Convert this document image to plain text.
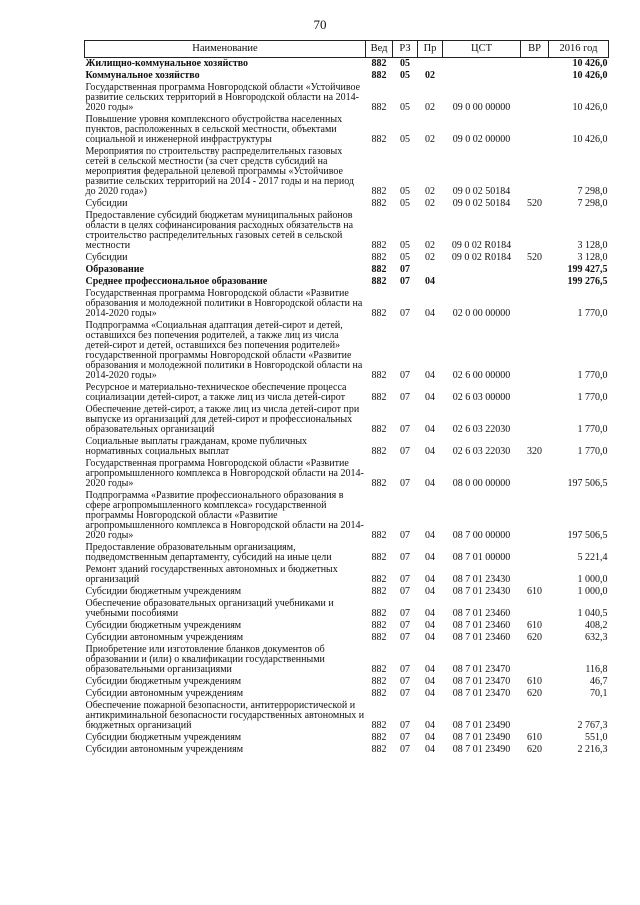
70
Наименование	Вед	РЗ	Пр	ЦСТ	ВР	2016 год
Жилищно-коммунальное хозяйство	882	05				10 426,0
Коммунальное хозяйство	882	05	02			10 426,0
Государственная программа Новгородской области «Устойчивое развитие сельских территорий в Новгородской области на 2014-2020 годы»	882	05	02	09 0 00 00000		10 426,0
Повышение уровня комплексного обустройства населенных пунктов, расположенных в сельской местности, объектами социальной и инженерной инфраструктуры	882	05	02	09 0 02 00000		10 426,0
Мероприятия по строительству распределительных газовых сетей в сельской местности (за счет средств субсидий на мероприятия федеральной целевой программы «Устойчивое развитие сельских территорий на 2014 - 2017 годы и на период до 2020 года»)	882	05	02	09 0 02 50184		7 298,0
Субсидии	882	05	02	09 0 02 50184	520	7 298,0
Предоставление субсидий бюджетам муниципальных районов области в целях софинансирования расходных обязательств на строительство распределительных газовых сетей в сельской местности	882	05	02	09 0 02 R0184		3 128,0
Субсидии	882	05	02	09 0 02 R0184	520	3 128,0
Образование	882	07				199 427,5
Среднее профессиональное образование	882	07	04			199 276,5
Государственная программа Новгородской области «Развитие образования и молодежной политики в Новгородской области на 2014-2020 годы»	882	07	04	02 0 00 00000		1 770,0
Подпрограмма «Социальная адаптация детей-сирот и детей, оставшихся без попечения родителей, а также лиц из числа детей-сирот и детей, оставшихся без попечения родителей» государственной программы Новгородской области «Развитие образования и молодежной политики в Новгородской области на 2014-2020 годы»	882	07	04	02 6 00 00000		1 770,0
Ресурсное и материально-техническое обеспечение процесса социализации детей-сирот, а также лиц из числа детей-сирот	882	07	04	02 6 03 00000		1 770,0
Обеспечение детей-сирот, а также лиц из числа детей-сирот при выпуске из организаций для детей-сирот и профессиональных образовательных организаций	882	07	04	02 6 03 22030		1 770,0
Социальные выплаты гражданам, кроме публичных нормативных социальных выплат	882	07	04	02 6 03 22030	320	1 770,0
Государственная программа Новгородской области «Развитие агропромышленного комплекса в Новгородской области на 2014-2020 годы»	882	07	04	08 0 00 00000		197 506,5
Подпрограмма «Развитие профессионального образования в сфере агропромышленного комплекса» государственной программы Новгородской области «Развитие агропромышленного комплекса в Новгородской области на 2014-2020 годы»	882	07	04	08 7 00 00000		197 506,5
Предоставление образовательным организациям, подведомственным департаменту, субсидий на иные цели	882	07	04	08 7 01 00000		5 221,4
Ремонт зданий государственных автономных и бюджетных организаций	882	07	04	08 7 01 23430		1 000,0
Субсидии бюджетным учреждениям	882	07	04	08 7 01 23430	610	1 000,0
Обеспечение образовательных организаций учебниками и учебными пособиями	882	07	04	08 7 01 23460		1 040,5
Субсидии бюджетным учреждениям	882	07	04	08 7 01 23460	610	408,2
Субсидии автономным учреждениям	882	07	04	08 7 01 23460	620	632,3
Приобретение или изготовление бланков документов об образовании и (или) о квалификации государственными образовательными организациями	882	07	04	08 7 01 23470		116,8
Субсидии бюджетным учреждениям	882	07	04	08 7 01 23470	610	46,7
Субсидии автономным учреждениям	882	07	04	08 7 01 23470	620	70,1
Обеспечение пожарной безопасности, антитеррористической и антикриминальной безопасности государственных автономных и бюджетных организаций	882	07	04	08 7 01 23490		2 767,3
Субсидии бюджетным учреждениям	882	07	04	08 7 01 23490	610	551,0
Субсидии автономным учреждениям	882	07	04	08 7 01 23490	620	2 216,3
